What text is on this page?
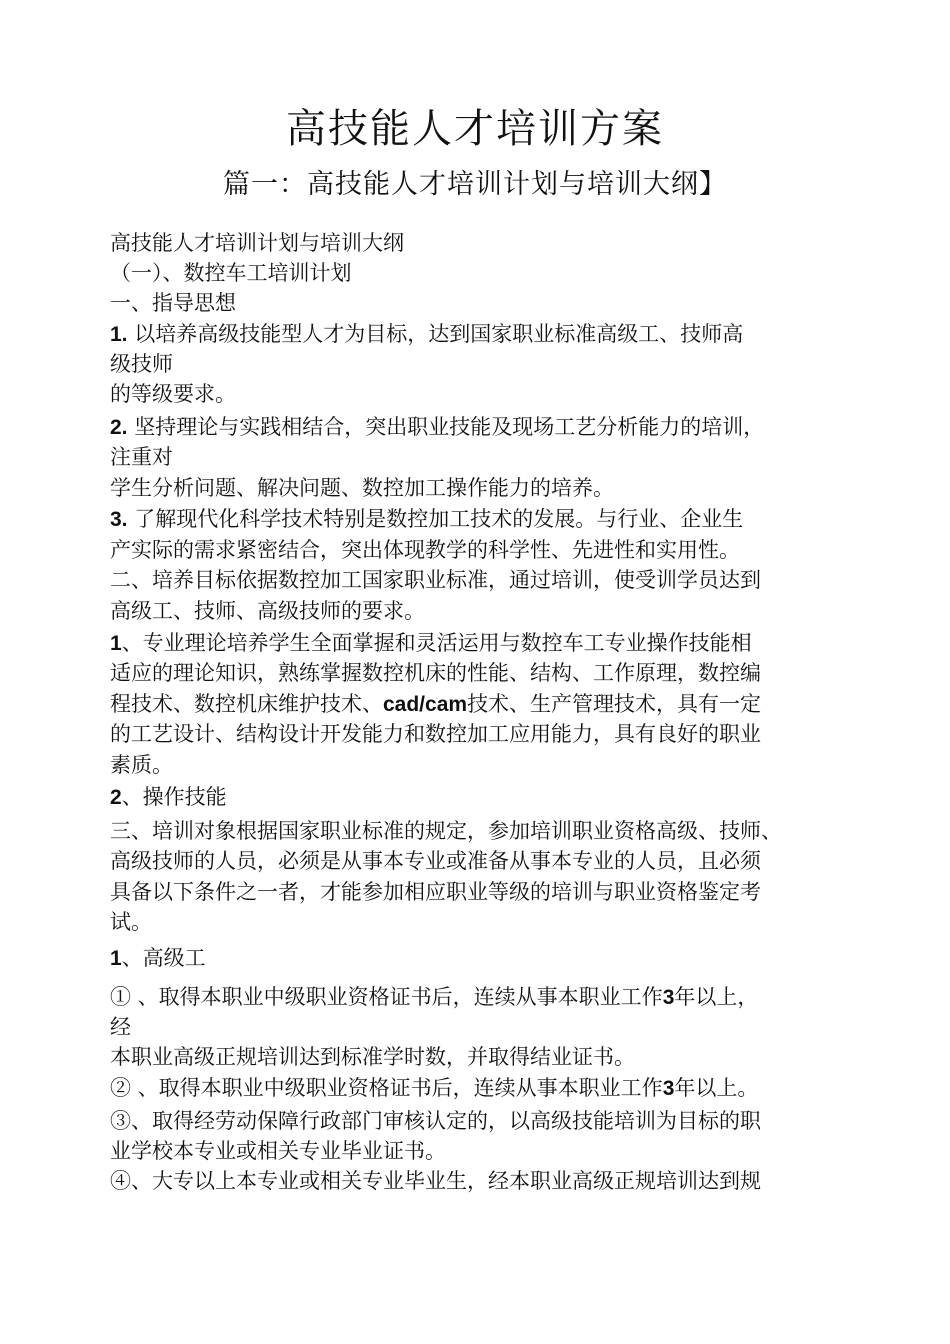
高技能人才培训方案
篇一：高技能人才培训计划与培训大纲】
高技能人才培训计划与培训大纲
（一）、数控车工培训计划
一、指导思想
1. 以培养高级技能型人才为目标，达到国家职业标准高级工、技师高
级技师
的等级要求。
2. 坚持理论与实践相结合，突出职业技能及现场工艺分析能力的培训，
注重对
学生分析问题、解决问题、数控加工操作能力的培养。
3. 了解现代化科学技术特别是数控加工技术的发展。与行业、企业生
产实际的需求紧密结合，突出体现教学的科学性、先进性和实用性。
二、培养目标依据数控加工国家职业标准，通过培训，使受训学员达到
高级工、技师、高级技师的要求。
1、专业理论培养学生全面掌握和灵活运用与数控车工专业操作技能相
适应的理论知识，熟练掌握数控机床的性能、结构、工作原理，数控编
程技术、数控机床维护技术、cad/cam技术、生产管理技术，具有一定
的工艺设计、结构设计开发能力和数控加工应用能力，具有良好的职业
素质。
2、操作技能
三、培训对象根据国家职业标准的规定，参加培训职业资格高级、技师、
高级技师的人员，必须是从事本专业或准备从事本专业的人员，且必须
具备以下条件之一者，才能参加相应职业等级的培训与职业资格鉴定考
试。
1、高级工
① 、取得本职业中级职业资格证书后，连续从事本职业工作3年以上，
经
本职业高级正规培训达到标准学时数，并取得结业证书。
② 、取得本职业中级职业资格证书后，连续从事本职业工作3年以上。
③、取得经劳动保障行政部门审核认定的，以高级技能培训为目标的职
业学校本专业或相关专业毕业证书。
④、大专以上本专业或相关专业毕业生，经本职业高级正规培训达到规
